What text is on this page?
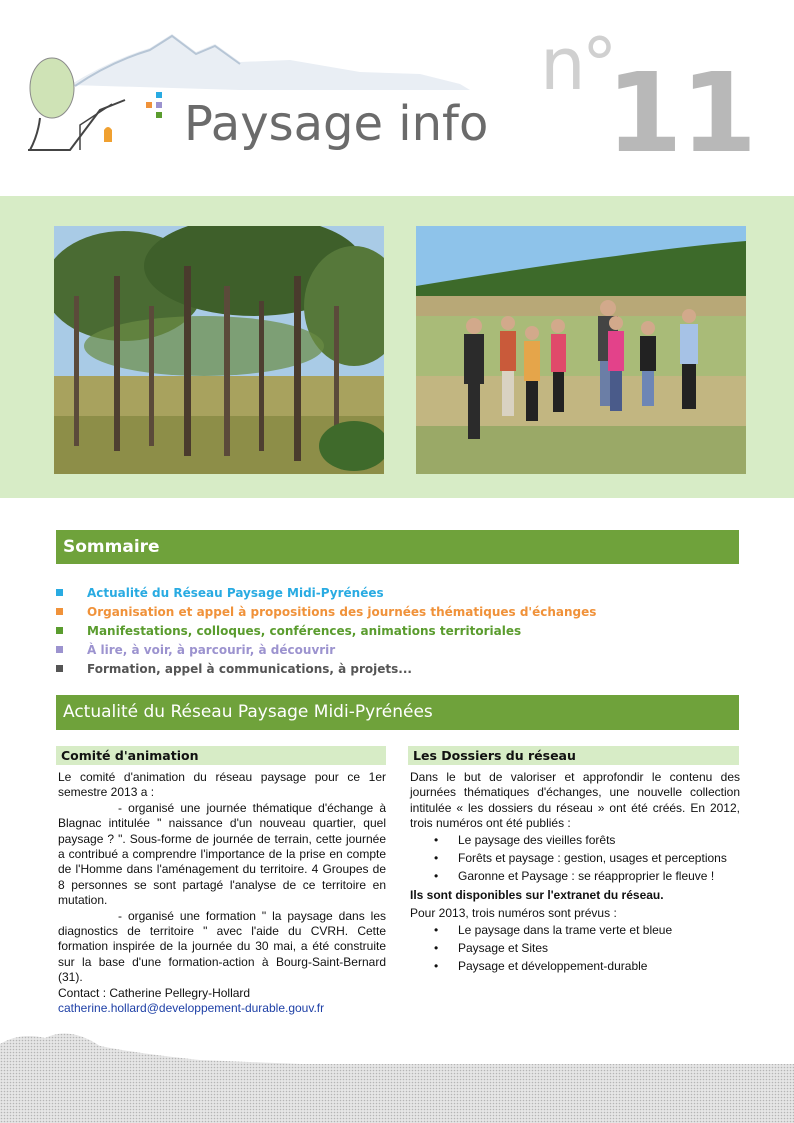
n°
11
Paysage info
Sommaire
Actualité du Réseau Paysage Midi-Pyrénées
Organisation et appel à propositions des journées thématiques d'échanges
Manifestations, colloques, conférences, animations territoriales
À lire, à voir, à parcourir, à découvrir
Formation, appel à communications, à projets...
Actualité du Réseau Paysage Midi-Pyrénées
Comité d'animation	Les Dossiers du réseau

Le comité d'animation du réseau paysage pour ce 1er semestre 2013 a :

- organisé une journée thématique d'échange à Blagnac intitulée " naissance d'un nouveau quartier, quel paysage ? ". Sous-forme de journée de terrain, cette journée a contribué a comprendre l'importance de la prise en compte de l'Homme dans l'aménagement du territoire. 4 Groupes de 8 personnes se sont partagé l'analyse de ce territoire en mutation.

- organisé une formation " la paysage dans les diagnostics de territoire " avec l'aide du CVRH. Cette formation inspirée de la journée du 30 mai, a été construite sur la base d'une formation-action à Bourg-Saint-Bernard (31).

Contact : Catherine Pellegry-Hollard

catherine.hollard@developpement-durable.gouv.fr

Dans le but de valoriser et approfondir le contenu des journées thématiques d'échanges, une nouvelle collection intitulée « les dossiers du réseau » ont été créés. En 2012, trois numéros ont été publiés :

• Le paysage des vieilles forêts
• Forêts et paysage : gestion, usages et perceptions
• Garonne et Paysage : se réapproprier le fleuve !

Ils sont disponibles sur l'extranet du réseau.

Pour 2013, trois numéros sont prévus :

• Le paysage dans la trame verte et bleue
• Paysage et Sites
• Paysage et développement-durable
